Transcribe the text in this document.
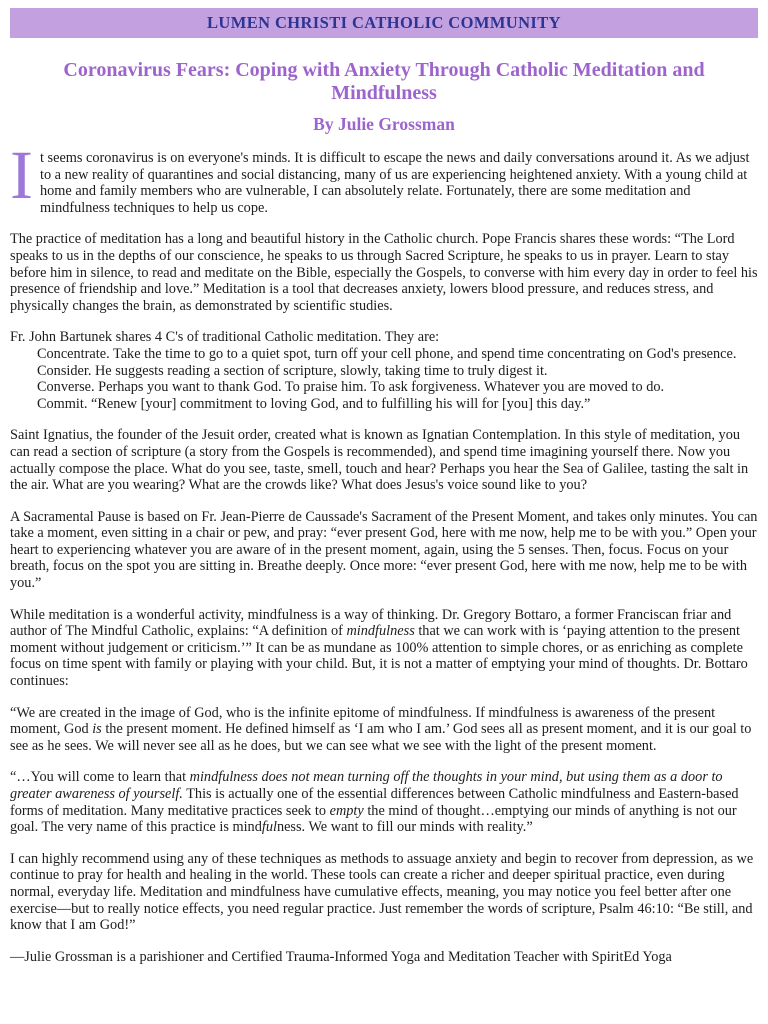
LUMEN CHRISTI CATHOLIC COMMUNITY
Coronavirus Fears: Coping with Anxiety Through Catholic Meditation and Mindfulness
By Julie Grossman

It seems coronavirus is on everyone's minds. It is difficult to escape the news and daily conversations around it. As we adjust to a new reality of quarantines and social distancing, many of us are experiencing heightened anxiety. With a young child at home and family members who are vulnerable, I can absolutely relate. Fortunately, there are some meditation and mindfulness techniques to help us cope.

The practice of meditation has a long and beautiful history in the Catholic church. Pope Francis shares these words: “The Lord speaks to us in the depths of our conscience, he speaks to us through Sacred Scripture, he speaks to us in prayer. Learn to stay before him in silence, to read and meditate on the Bible, especially the Gospels, to converse with him every day in order to feel his presence of friendship and love.” Meditation is a tool that decreases anxiety, lowers blood pressure, and reduces stress, and physically changes the brain, as demonstrated by scientific studies.

Fr. John Bartunek shares 4 C's of traditional Catholic meditation. They are:
Concentrate. Take the time to go to a quiet spot, turn off your cell phone, and spend time concentrating on God's presence.
Consider. He suggests reading a section of scripture, slowly, taking time to truly digest it.
Converse. Perhaps you want to thank God. To praise him. To ask forgiveness. Whatever you are moved to do.
Commit. “Renew [your] commitment to loving God, and to fulfilling his will for [you] this day.”

Saint Ignatius, the founder of the Jesuit order, created what is known as Ignatian Contemplation. In this style of meditation, you can read a section of scripture (a story from the Gospels is recommended), and spend time imagining yourself there. Now you actually compose the place. What do you see, taste, smell, touch and hear? Perhaps you hear the Sea of Galilee, tasting the salt in the air. What are you wearing? What are the crowds like? What does Jesus's voice sound like to you?

A Sacramental Pause is based on Fr. Jean-Pierre de Caussade's Sacrament of the Present Moment, and takes only minutes. You can take a moment, even sitting in a chair or pew, and pray: “ever present God, here with me now, help me to be with you.” Open your heart to experiencing whatever you are aware of in the present moment, again, using the 5 senses. Then, focus. Focus on your breath, focus on the spot you are sitting in. Breathe deeply. Once more: “ever present God, here with me now, help me to be with you.”

While meditation is a wonderful activity, mindfulness is a way of thinking. Dr. Gregory Bottaro, a former Franciscan friar and author of The Mindful Catholic, explains: “A definition of mindfulness that we can work with is ‘paying attention to the present moment without judgement or criticism.’” It can be as mundane as 100% attention to simple chores, or as enriching as complete focus on time spent with family or playing with your child. But, it is not a matter of emptying your mind of thoughts. Dr. Bottaro continues:

“We are created in the image of God, who is the infinite epitome of mindfulness. If mindfulness is awareness of the present moment, God is the present moment. He defined himself as ‘I am who I am.’ God sees all as present moment, and it is our goal to see as he sees. We will never see all as he does, but we can see what we see with the light of the present moment.

“…You will come to learn that mindfulness does not mean turning off the thoughts in your mind, but using them as a door to greater awareness of yourself. This is actually one of the essential differences between Catholic mindfulness and Eastern-based forms of meditation. Many meditative practices seek to empty the mind of thought…emptying our minds of anything is not our goal. The very name of this practice is mindfulness. We want to fill our minds with reality.”

I can highly recommend using any of these techniques as methods to assuage anxiety and begin to recover from depression, as we continue to pray for health and healing in the world. These tools can create a richer and deeper spiritual practice, even during normal, everyday life. Meditation and mindfulness have cumulative effects, meaning, you may notice you feel better after one exercise—but to really notice effects, you need regular practice. Just remember the words of scripture, Psalm 46:10: “Be still, and know that I am God!”

—Julie Grossman is a parishioner and Certified Trauma-Informed Yoga and Meditation Teacher with SpiritEd Yoga
